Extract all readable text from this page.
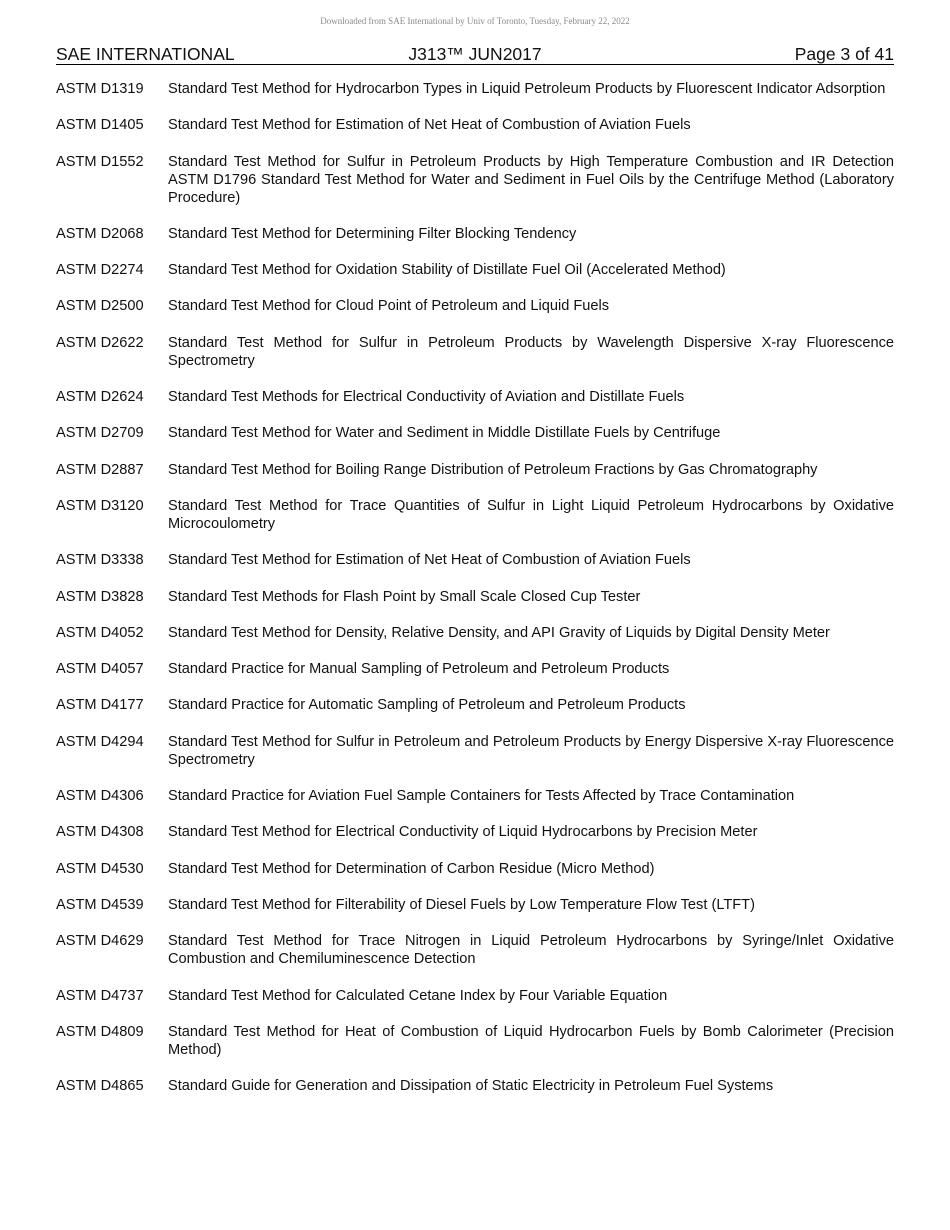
Downloaded from SAE International by Univ of Toronto, Tuesday, February 22, 2022
SAE INTERNATIONAL	J313™ JUN2017	Page 3 of 41
ASTM D1319	Standard Test Method for Hydrocarbon Types in Liquid Petroleum Products by Fluorescent Indicator Adsorption
ASTM D1405	Standard Test Method for Estimation of Net Heat of Combustion of Aviation Fuels
ASTM D1552	Standard Test Method for Sulfur in Petroleum Products by High Temperature Combustion and IR Detection ASTM D1796 Standard Test Method for Water and Sediment in Fuel Oils by the Centrifuge Method (Laboratory Procedure)
ASTM D2068	Standard Test Method for Determining Filter Blocking Tendency
ASTM D2274	Standard Test Method for Oxidation Stability of Distillate Fuel Oil (Accelerated Method)
ASTM D2500	Standard Test Method for Cloud Point of Petroleum and Liquid Fuels
ASTM D2622	Standard Test Method for Sulfur in Petroleum Products by Wavelength Dispersive X-ray Fluorescence Spectrometry
ASTM D2624	Standard Test Methods for Electrical Conductivity of Aviation and Distillate Fuels
ASTM D2709	Standard Test Method for Water and Sediment in Middle Distillate Fuels by Centrifuge
ASTM D2887	Standard Test Method for Boiling Range Distribution of Petroleum Fractions by Gas Chromatography
ASTM D3120	Standard Test Method for Trace Quantities of Sulfur in Light Liquid Petroleum Hydrocarbons by Oxidative Microcoulometry
ASTM D3338	Standard Test Method for Estimation of Net Heat of Combustion of Aviation Fuels
ASTM D3828	Standard Test Methods for Flash Point by Small Scale Closed Cup Tester
ASTM D4052	Standard Test Method for Density, Relative Density, and API Gravity of Liquids by Digital Density Meter
ASTM D4057	Standard Practice for Manual Sampling of Petroleum and Petroleum Products
ASTM D4177	Standard Practice for Automatic Sampling of Petroleum and Petroleum Products
ASTM D4294	Standard Test Method for Sulfur in Petroleum and Petroleum Products by Energy Dispersive X-ray Fluorescence Spectrometry
ASTM D4306	Standard Practice for Aviation Fuel Sample Containers for Tests Affected by Trace Contamination
ASTM D4308	Standard Test Method for Electrical Conductivity of Liquid Hydrocarbons by Precision Meter
ASTM D4530	Standard Test Method for Determination of Carbon Residue (Micro Method)
ASTM D4539	Standard Test Method for Filterability of Diesel Fuels by Low Temperature Flow Test (LTFT)
ASTM D4629	Standard Test Method for Trace Nitrogen in Liquid Petroleum Hydrocarbons by Syringe/Inlet Oxidative Combustion and Chemiluminescence Detection
ASTM D4737	Standard Test Method for Calculated Cetane Index by Four Variable Equation
ASTM D4809	Standard Test Method for Heat of Combustion of Liquid Hydrocarbon Fuels by Bomb Calorimeter (Precision Method)
ASTM D4865	Standard Guide for Generation and Dissipation of Static Electricity in Petroleum Fuel Systems
